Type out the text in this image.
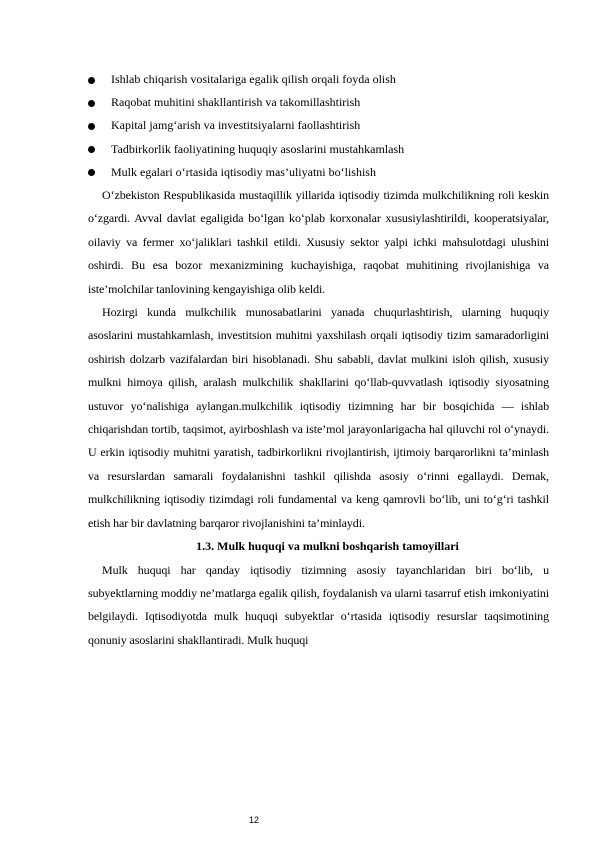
Ishlab chiqarish vositalariga egalik qilish orqali foyda olish
Raqobat muhitini shakllantirish va takomillashtirish
Kapital jamg‘arish va investitsiyalarni faollashtirish
Tadbirkorlik faoliyatining huquqiy asoslarini mustahkamlash
Mulk egalari o‘rtasida iqtisodiy mas’uliyatni bo‘lishish

O‘zbekiston Respublikasida mustaqillik yillarida iqtisodiy tizimda mulkchilikning roli keskin o‘zgardi. Avval davlat egaligida bo‘lgan ko‘plab korxonalar xususiylashtirildi, kooperatsiyalar, oilaviy va fermer xo‘jaliklari tashkil etildi. Xususiy sektor yalpi ichki mahsulotdagi ulushini oshirdi. Bu esa bozor mexanizmining kuchayishiga, raqobat muhitining rivojlanishiga va iste’molchilar tanlovining kengayishiga olib keldi.

Hozirgi kunda mulkchilik munosabatlarini yanada chuqurlashtirish, ularning huquqiy asoslarini mustahkamlash, investitsion muhitni yaxshilash orqali iqtisodiy tizim samaradorligini oshirish dolzarb vazifalardan biri hisoblanadi. Shu sababli, davlat mulkini isloh qilish, xususiy mulkni himoya qilish, aralash mulkchilik shakllarini qo‘llab-quvvatlash iqtisodiy siyosatning ustuvor yo‘nalishiga aylangan.mulkchilik iqtisodiy tizimning har bir bosqichida — ishlab chiqarishdan tortib, taqsimot, ayirboshlash va iste’mol jarayonlarigacha hal qiluvchi rol o‘ynaydi. U erkin iqtisodiy muhitni yaratish, tadbirkorlikni rivojlantirish, ijtimoiy barqarorlikni ta’minlash va resurslardan samarali foydalanishni tashkil qilishda asosiy o‘rinni egallaydi. Demak, mulkchilikning iqtisodiy tizimdagi roli fundamental va keng qamrovli bo‘lib, uni to‘g‘ri tashkil etish har bir davlatning barqaror rivojlanishini ta’minlaydi.

1.3. Mulk huquqi va mulkni boshqarish tamoyillari

Mulk huquqi har qanday iqtisodiy tizimning asosiy tayanchlaridan biri bo‘lib, u subyektlarning moddiy ne’matlarga egalik qilish, foydalanish va ularni tasarruf etish imkoniyatini belgilaydi. Iqtisodiyotda mulk huquqi subyektlar o‘rtasida iqtisodiy resurslar taqsimotining qonuniy asoslarini shakllantiradi. Mulk huquqi

12
